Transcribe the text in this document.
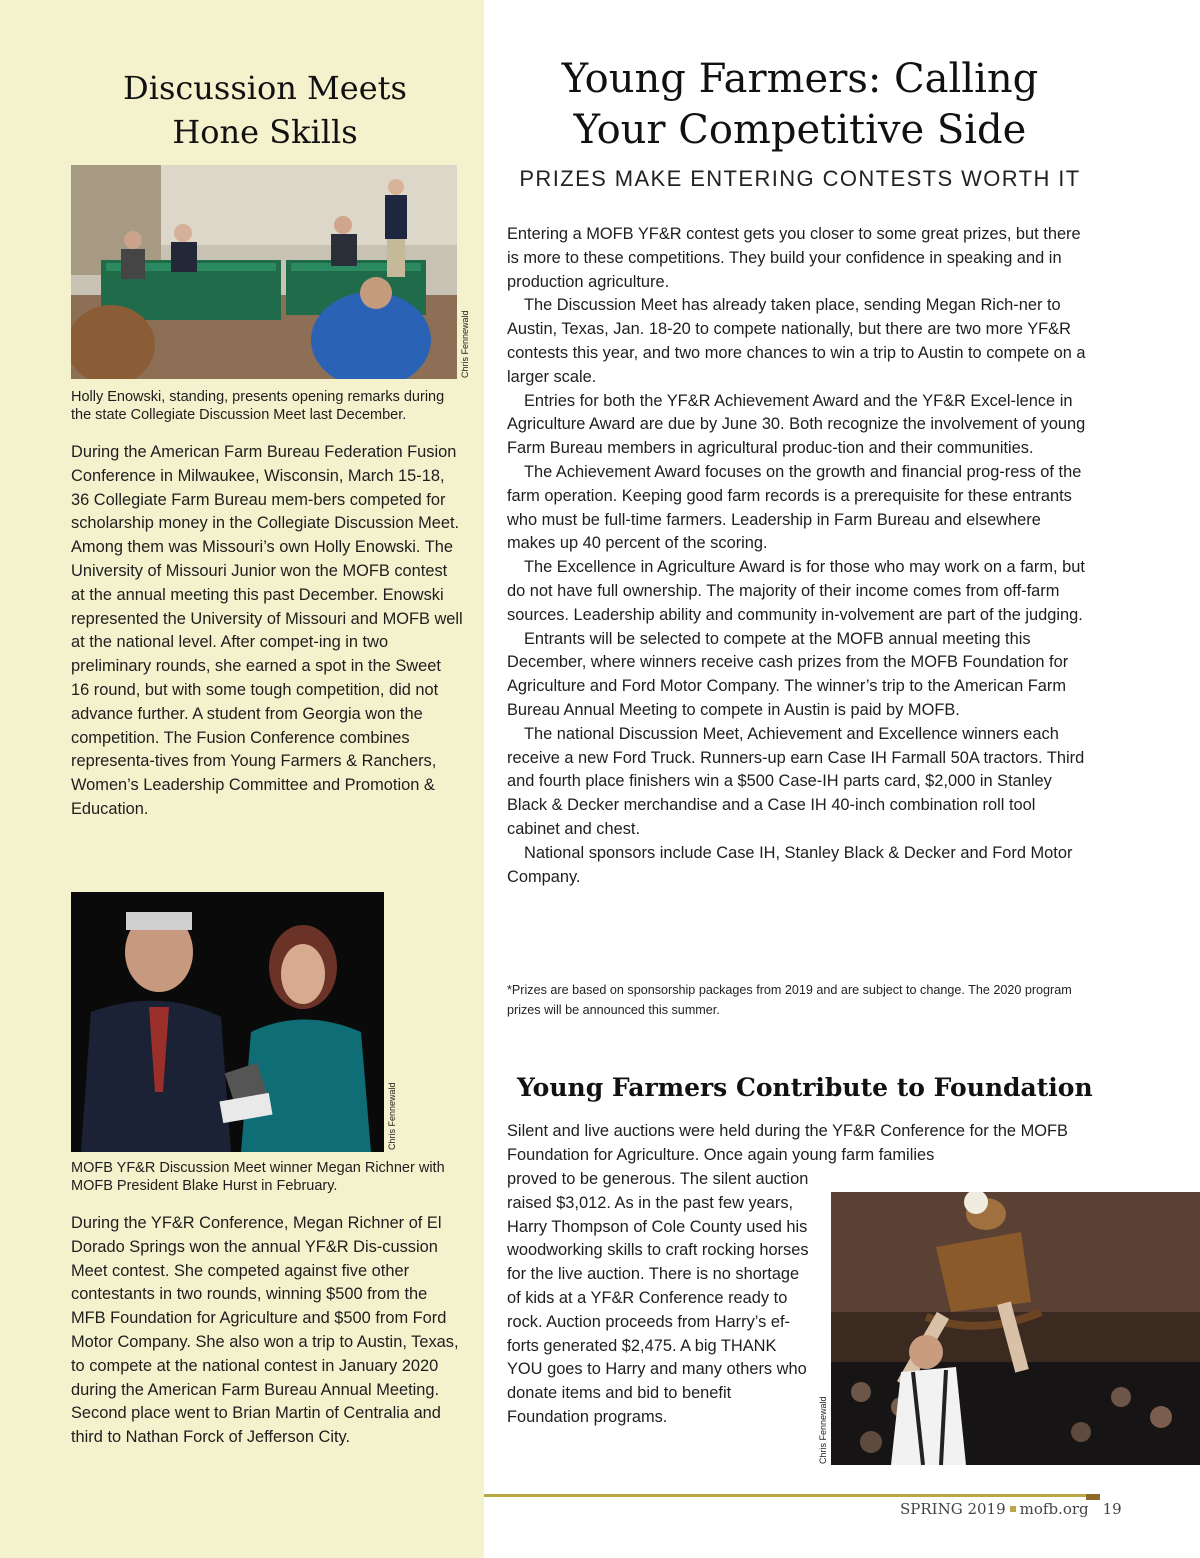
Discussion Meets
Hone Skills
Chris Fennewald
Holly Enowski, standing, presents opening remarks during the state Collegiate Discussion Meet last December.

During the American Farm Bureau Federation Fusion Conference in Milwaukee, Wisconsin, March 15-18, 36 Collegiate Farm Bureau mem-bers competed for scholarship money in the Collegiate Discussion Meet. Among them was Missouri’s own Holly Enowski. The University of Missouri Junior won the MOFB contest at the annual meeting this past December. Enowski represented the University of Missouri and MOFB well at the national level. After compet-ing in two preliminary rounds, she earned a spot in the Sweet 16 round, but with some tough competition, did not advance further. A student from Georgia won the competition. The Fusion Conference combines representa-tives from Young Farmers & Ranchers, Women’s Leadership Committee and Promotion & Education.

Chris Fennewald
MOFB YF&R Discussion Meet winner Megan Richner with MOFB President Blake Hurst in February.

During the YF&R Conference, Megan Richner of El Dorado Springs won the annual YF&R Dis-cussion Meet contest. She competed against five other contestants in two rounds, winning $500 from the MFB Foundation for Agriculture and $500 from Ford Motor Company. She also won a trip to Austin, Texas, to compete at the national contest in January 2020 during the American Farm Bureau Annual Meeting. Second place went to Brian Martin of Centralia and third to Nathan Forck of Jefferson City.

Young Farmers: Calling
Your Competitive Side
PRIZES MAKE ENTERING CONTESTS WORTH IT

Entering a MOFB YF&R contest gets you closer to some great prizes, but there is more to these competitions. They build your confidence in speaking and in production agriculture.

The Discussion Meet has already taken place, sending Megan Rich-ner to Austin, Texas, Jan. 18-20 to compete nationally, but there are two more YF&R contests this year, and two more chances to win a trip to Austin to compete on a larger scale.

Entries for both the YF&R Achievement Award and the YF&R Excel-lence in Agriculture Award are due by June 30. Both recognize the involvement of young Farm Bureau members in agricultural produc-tion and their communities.

The Achievement Award focuses on the growth and financial prog-ress of the farm operation. Keeping good farm records is a prerequisite for these entrants who must be full-time farmers. Leadership in Farm Bureau and elsewhere makes up 40 percent of the scoring.

The Excellence in Agriculture Award is for those who may work on a farm, but do not have full ownership. The majority of their income comes from off-farm sources. Leadership ability and community in-volvement are part of the judging.

Entrants will be selected to compete at the MOFB annual meeting this December, where winners receive cash prizes from the MOFB Foundation for Agriculture and Ford Motor Company. The winner’s trip to the American Farm Bureau Annual Meeting to compete in Austin is paid by MOFB.

The national Discussion Meet, Achievement and Excellence winners each receive a new Ford Truck. Runners-up earn Case IH Farmall 50A tractors. Third and fourth place finishers win a $500 Case-IH parts card, $2,000 in Stanley Black & Decker merchandise and a Case IH 40-inch combination roll tool cabinet and chest.

National sponsors include Case IH, Stanley Black & Decker and Ford Motor Company.

*Prizes are based on sponsorship packages from 2019 and are subject to change. The 2020 program prizes will be announced this summer.
Young Farmers Contribute to Foundation

Silent and live auctions were held during the YF&R Conference for the MOFB Foundation for Agriculture. Once again young farm families

proved to be generous. The silent auction raised $3,012. As in the past few years, Harry Thompson of Cole County used his woodworking skills to craft rocking horses for the live auction. There is no shortage of kids at a YF&R Conference ready to rock. Auction proceeds from Harry’s ef-forts generated $2,475. A big THANK YOU goes to Harry and many others who donate items and bid to benefit Foundation programs.	Chris Fennewald
SPRING 2019 mofb.org 19
